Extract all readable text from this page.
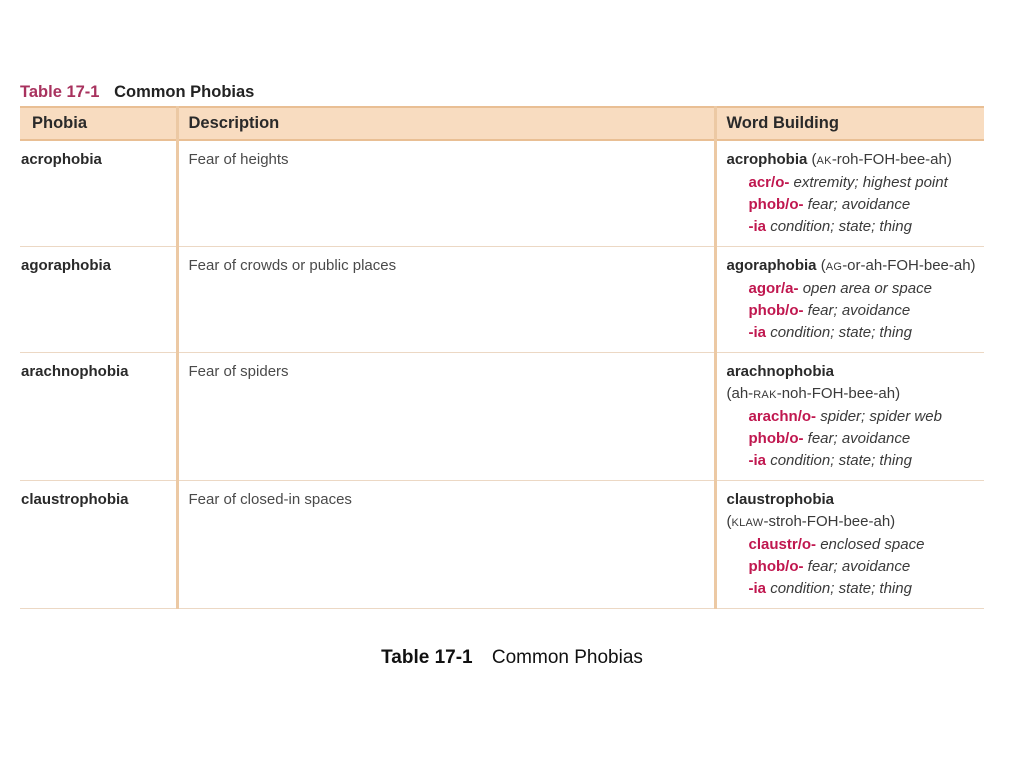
Table 17-1 Common Phobias
Phobia	Description	Word Building
acrophobia	Fear of heights	acrophobia (AK-roh-FOH-bee-ah)
acr/o- extremity; highest point
phob/o- fear; avoidance
-ia condition; state; thing

agoraphobia	Fear of crowds or public places	agoraphobia (AG-or-ah-FOH-bee-ah)
agor/a- open area or space
phob/o- fear; avoidance
-ia condition; state; thing

arachnophobia	Fear of spiders	arachnophobia
(ah-RAK-noh-FOH-bee-ah)
arachn/o- spider; spider web
phob/o- fear; avoidance
-ia condition; state; thing

claustrophobia	Fear of closed-in spaces	claustrophobia
(KLAW-stroh-FOH-bee-ah)
claustr/o- enclosed space
phob/o- fear; avoidance
-ia condition; state; thing
Table 17-1 Common Phobias
